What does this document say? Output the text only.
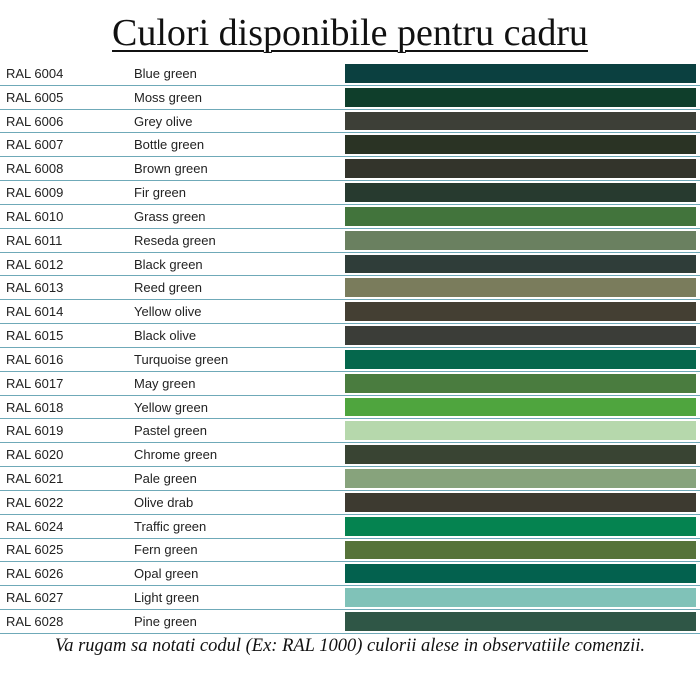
Culori disponibile pentru cadru
RAL 6004	Blue green
RAL 6005	Moss green
RAL 6006	Grey olive
RAL 6007	Bottle green
RAL 6008	Brown green
RAL 6009	Fir green
RAL 6010	Grass green
RAL 6011	Reseda green
RAL 6012	Black green
RAL 6013	Reed green
RAL 6014	Yellow olive
RAL 6015	Black olive
RAL 6016	Turquoise green
RAL 6017	May green
RAL 6018	Yellow green
RAL 6019	Pastel green
RAL 6020	Chrome green
RAL 6021	Pale green
RAL 6022	Olive drab
RAL 6024	Traffic green
RAL 6025	Fern green
RAL 6026	Opal green
RAL 6027	Light green
RAL 6028	Pine green
Va rugam sa notati codul (Ex: RAL 1000) culorii alese in observatiile comenzii.
